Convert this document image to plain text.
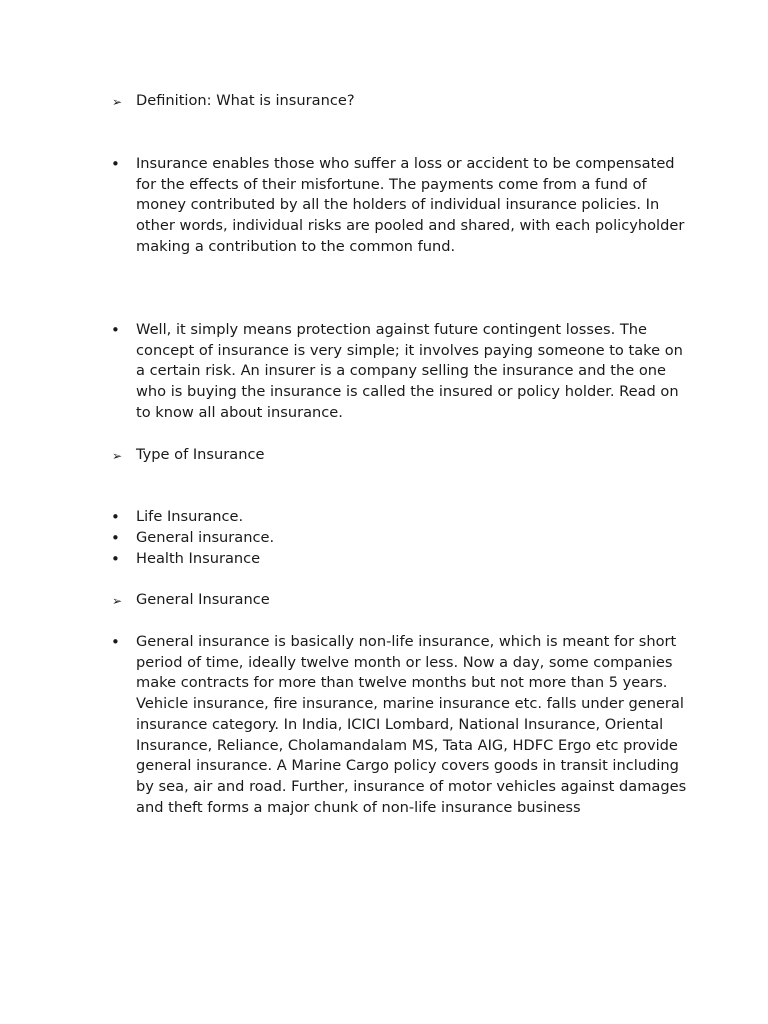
➢ Definition: What is insurance?
•	Insurance enables those who suffer a loss or accident to be compensated for the effects of their misfortune. The payments come from a fund of money contributed by all the holders of individual insurance policies. In other words, individual risks are pooled and shared, with each policyholder making a contribution to the common fund.
•	Well, it simply means protection against future contingent losses. The concept of insurance is very simple; it involves paying someone to take on a certain risk. An insurer is a company selling the insurance and the one who is buying the insurance is called the insured or policy holder. Read on to know all about insurance.
➢ Type of Insurance
•	Life Insurance.
•	General insurance.
•	Health Insurance
➢ General Insurance
•	General insurance is basically non-life insurance, which is meant for short period of time, ideally twelve month or less. Now a day, some companies make contracts for more than twelve months but not more than 5 years. Vehicle insurance, fire insurance, marine insurance etc. falls under general insurance category. In India, ICICI Lombard, National Insurance, Oriental Insurance, Reliance, Cholamandalam MS, Tata AIG, HDFC Ergo etc provide general insurance. A Marine Cargo policy covers goods in transit including by sea, air and road. Further, insurance of motor vehicles against damages and theft forms a major chunk of non-life insurance business
